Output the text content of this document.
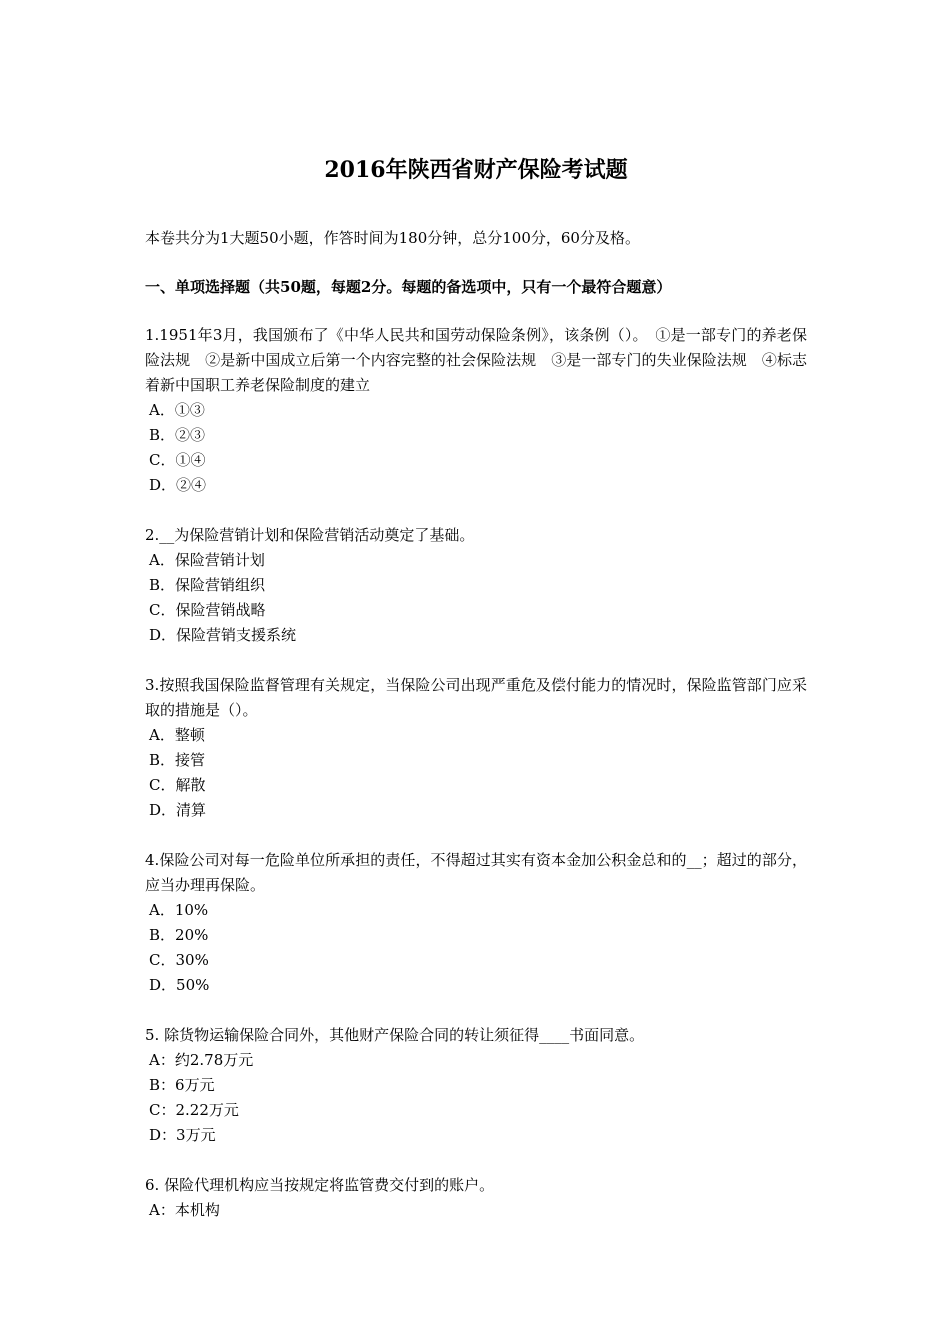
2016年陕西省财产保险考试题
本卷共分为1大题50小题，作答时间为180分钟，总分100分，60分及格。
一、单项选择题（共50题，每题2分。每题的备选项中，只有一个最符合题意）
1.1951年3月，我国颁布了《中华人民共和国劳动保险条例》，该条例（）。　①是一部专门的养老保险法规　②是新中国成立后第一个内容完整的社会保险法规　③是一部专门的失业保险法规　④标志着新中国职工养老保险制度的建立
A．①③
B．②③
C．①④
D．②④
2.__为保险营销计划和保险营销活动奠定了基础。
A．保险营销计划
B．保险营销组织
C．保险营销战略
D．保险营销支援系统
3.按照我国保险监督管理有关规定，当保险公司出现严重危及偿付能力的情况时，保险监管部门应采取的措施是（）。
A．整顿
B．接管
C．解散
D．清算
4.保险公司对每一危险单位所承担的责任，不得超过其实有资本金加公积金总和的__；超过的部分，应当办理再保险。
A．10%
B．20%
C．30%
D．50%
5. 除货物运输保险合同外，其他财产保险合同的转让须征得____书面同意。
A：约2.78万元
B：6万元
C：2.22万元
D：3万元
6. 保险代理机构应当按规定将监管费交付到的账户。
A：本机构
